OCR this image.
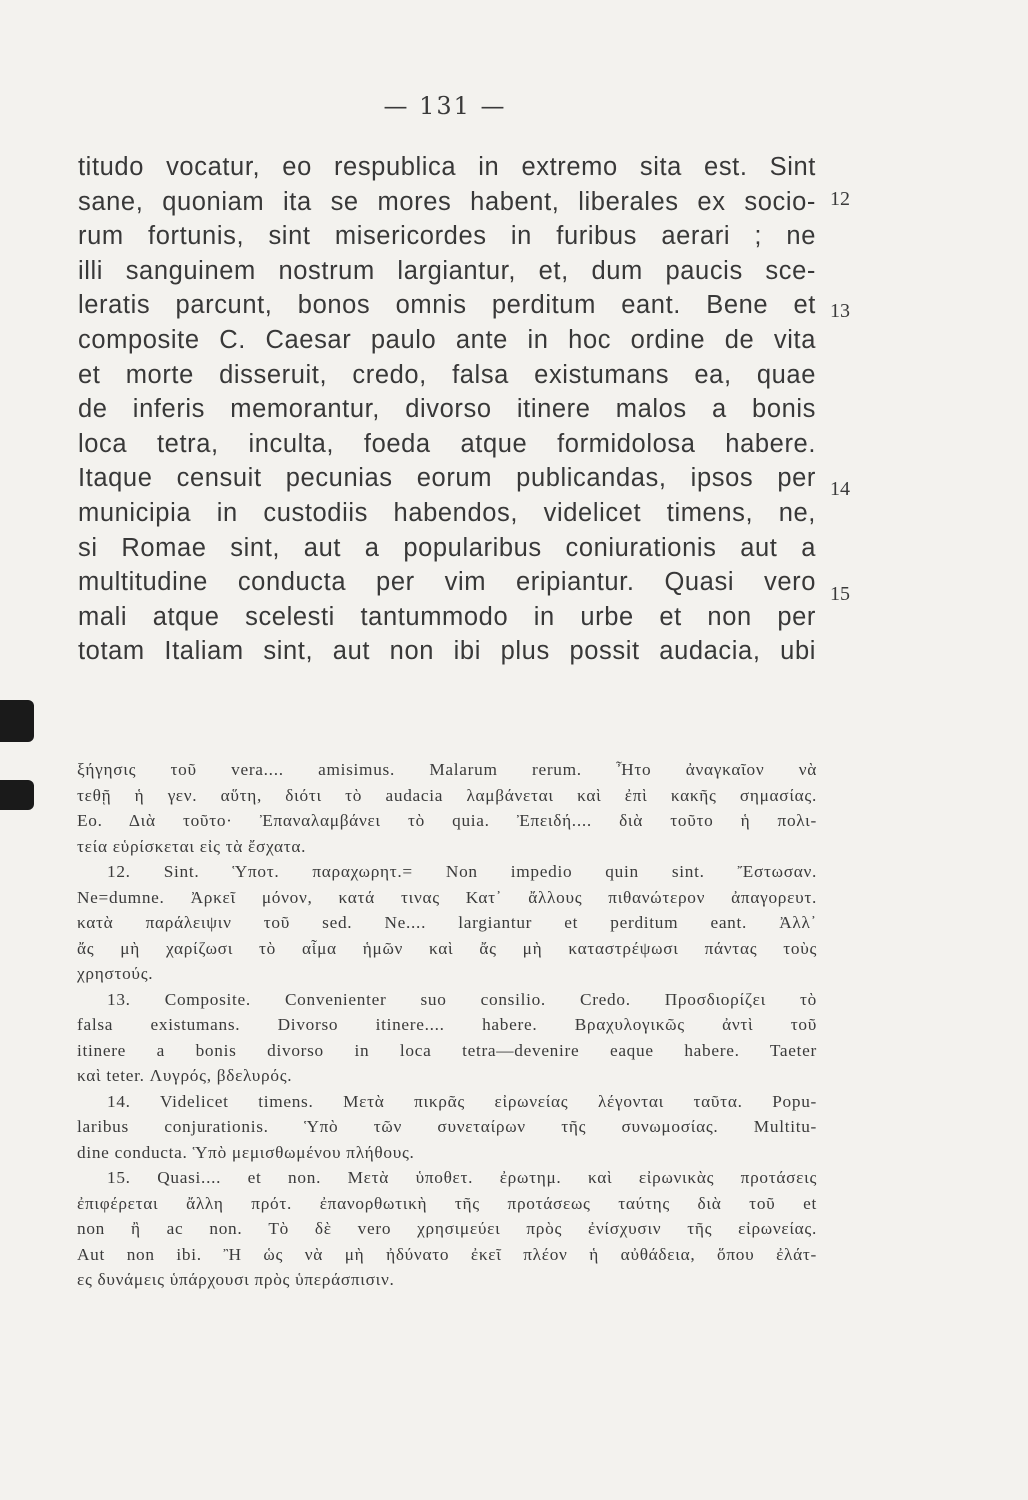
— 131 —
titudo vocatur, eo respublica in extremo sita est. Sint
sane, quoniam ita se mores habent, liberales ex socio-
rum fortunis, sint misericordes in furibus aerari ; ne
illi sanguinem nostrum largiantur, et, dum paucis sce-
leratis parcunt, bonos omnis perditum eant. Bene et
composite C. Caesar paulo ante in hoc ordine de vita
et morte disseruit, credo, falsa existumans ea, quae
de inferis memorantur, divorso itinere malos a bonis
loca tetra, inculta, foeda atque formidolosa habere.
Itaque censuit pecunias eorum publicandas, ipsos per
municipia in custodiis habendos, videlicet timens, ne,
si Romae sint, aut a popularibus coniurationis aut a
multitudine conducta per vim eripiantur. Quasi vero
mali atque scelesti tantummodo in urbe et non per
totam Italiam sint, aut non ibi plus possit audacia, ubi
12
13
14
15
ξήγησις τοῦ vera.... amisimus. Malarum rerum. Ἦτο ἀναγκαῖον νὰ
τεθῇ ἡ γεν. αὕτη, διότι τὸ audacia λαμβάνεται καὶ ἐπὶ κακῆς σημασίας.
Εο. Διὰ τοῦτο· Ἐπαναλαμβάνει τὸ quia. Ἐπειδή.... διὰ τοῦτο ἡ πολι-
τεία εὑρίσκεται εἰς τὰ ἔσχατα.
12. Sint. Ὑποτ. παραχωρητ.= Non impedio quin sint. Ἔστωσαν.
Ne=dumne. Ἀρκεῖ μόνον, κατά τινας Κατ᾽ ἄλλους πιθανώτερον ἀπαγορευτ.
κατὰ παράλειψιν τοῦ sed. Ne.... largiantur et perditum eant. Ἀλλ᾽
ἄς μὴ χαρίζωσι τὸ αἷμα ἡμῶν καὶ ἄς μὴ καταστρέψωσι πάντας τοὺς
χρηστούς.
13. Composite. Convenienter suo consilio. Credo. Προσδιορίζει τὸ
falsa existumans. Divorso itinere.... habere. Βραχυλογικῶς ἀντὶ τοῦ
itinere a bonis divorso in loca tetra—devenire eaque habere. Taeter
καὶ teter. Λυγρός, βδελυρός.
14. Videlicet timens. Μετὰ πικρᾶς εἰρωνείας λέγονται ταῦτα. Popu-
laribus conjurationis. Ὑπὸ τῶν συνεταίρων τῆς συνωμοσίας. Multitu-
dine conducta. Ὑπὸ μεμισθωμένου πλήθους.
15. Quasi.... et non. Μετὰ ὑποθετ. ἐρωτημ. καὶ εἰρωνικὰς προτάσεις
ἐπιφέρεται ἄλλη πρότ. ἐπανορθωτικὴ τῆς προτάσεως ταύτης διὰ τοῦ et
non ἢ ac non. Τὸ δὲ vero χρησιμεύει πρὸς ἐνίσχυσιν τῆς εἰρωνείας.
Aut non ibi. Ἢ ὡς νὰ μὴ ἠδύνατο ἐκεῖ πλέον ἡ αὐθάδεια, ὅπου ἐλάτ-
ες δυνάμεις ὑπάρχουσι πρὸς ὑπεράσπισιν.
